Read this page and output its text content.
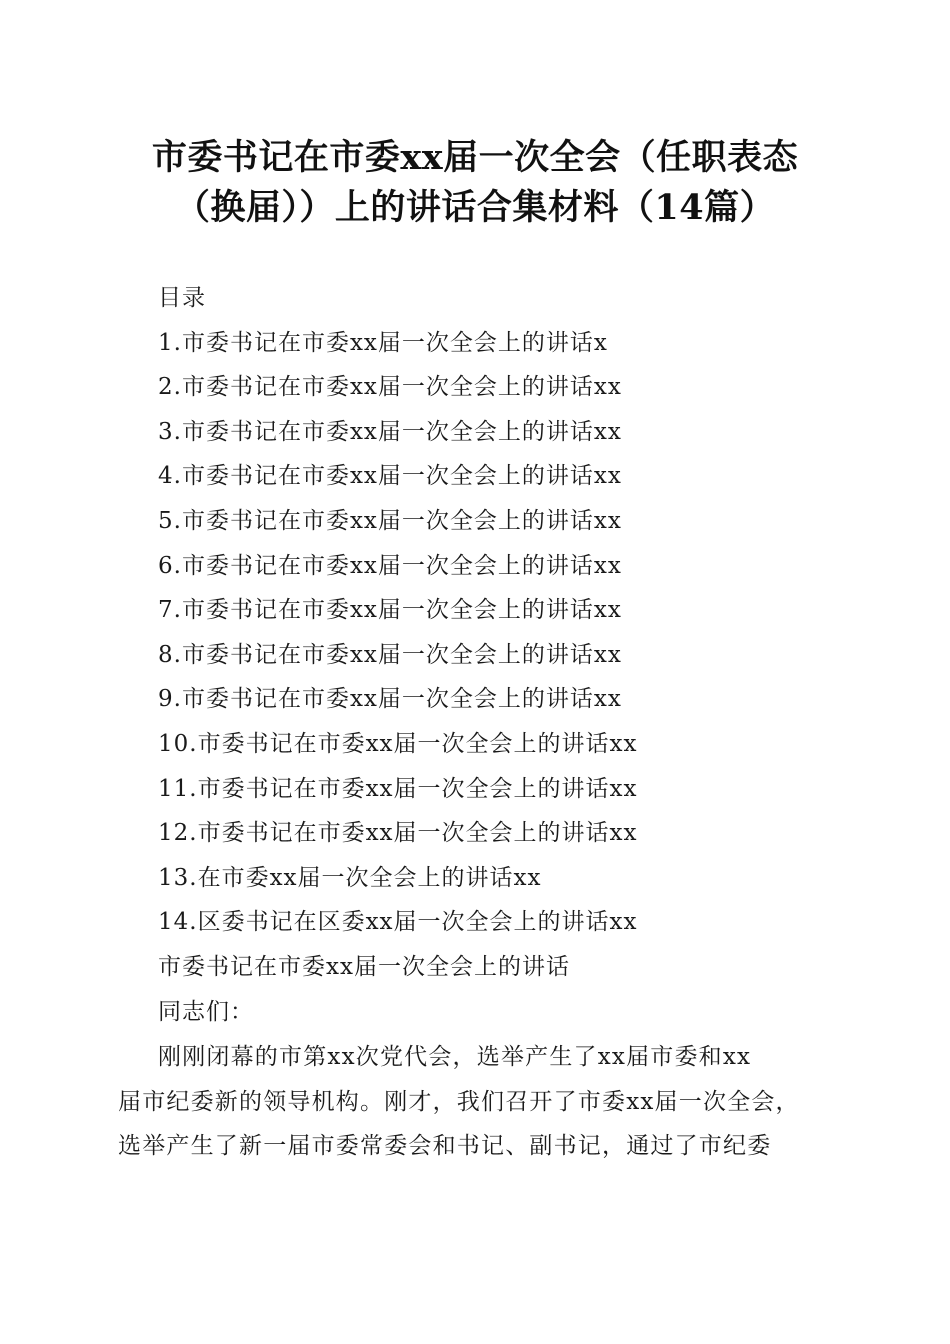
市委书记在市委xx届一次全会（任职表态
（换届））上的讲话合集材料（14篇）
目录
1.市委书记在市委xx届一次全会上的讲话x
2.市委书记在市委xx届一次全会上的讲话xx
3.市委书记在市委xx届一次全会上的讲话xx
4.市委书记在市委xx届一次全会上的讲话xx
5.市委书记在市委xx届一次全会上的讲话xx
6.市委书记在市委xx届一次全会上的讲话xx
7.市委书记在市委xx届一次全会上的讲话xx
8.市委书记在市委xx届一次全会上的讲话xx
9.市委书记在市委xx届一次全会上的讲话xx
10.市委书记在市委xx届一次全会上的讲话xx
11.市委书记在市委xx届一次全会上的讲话xx
12.市委书记在市委xx届一次全会上的讲话xx
13.在市委xx届一次全会上的讲话xx
14.区委书记在区委xx届一次全会上的讲话xx
市委书记在市委xx届一次全会上的讲话
同志们：
刚刚闭幕的市第xx次党代会，选举产生了xx届市委和xx
届市纪委新的领导机构。刚才，我们召开了市委xx届一次全会，
选举产生了新一届市委常委会和书记、副书记，通过了市纪委
